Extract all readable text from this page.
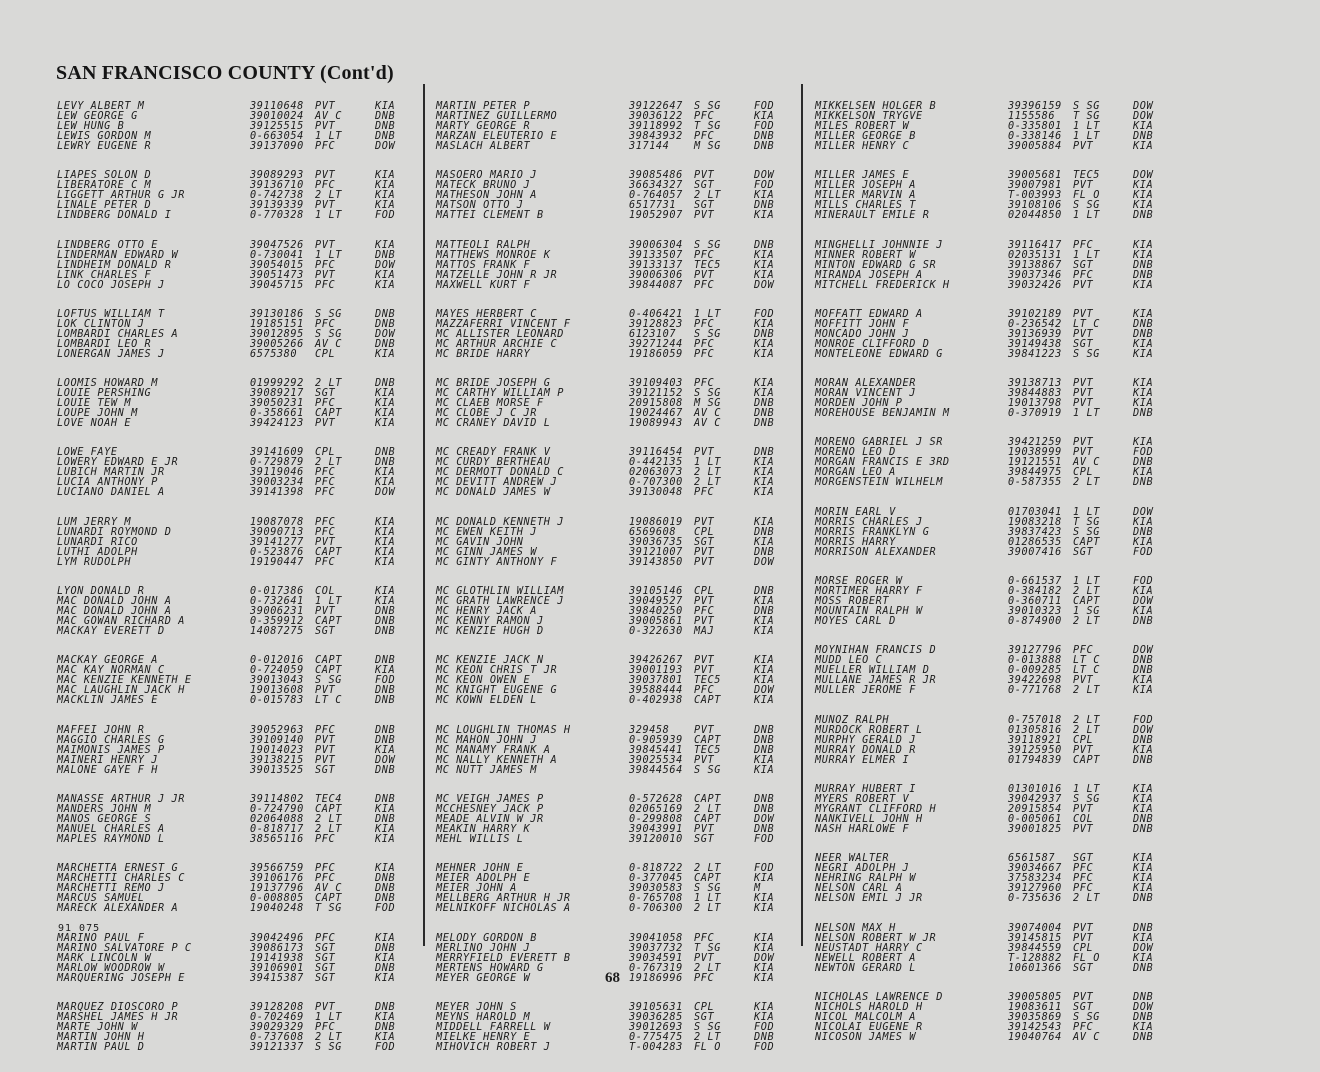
SAN FRANCISCO COUNTY (Cont'd)
LEVY ALBERT M	39110648 PVT	KIA
LEW GEORGE G	39010024 AV C	DNB
LEW HUNG B	39125515 PVT	DNB
LEWIS GORDON M	0-663054 1 LT	DNB
LEWRY EUGENE R	39137090 PFC	DOW
LIAPES SOLON D	39089293 PVT	KIA
LIBERATORE C M	39136710 PFC	KIA
LIGGETT ARTHUR G JR	0-742738 2 LT	KIA
LINALE PETER D	39139339 PVT	KIA
LINDBERG DONALD I	0-770328 1 LT	FOD
LINDBERG OTTO E	39047526 PVT	KIA
LINDERMAN EDWARD W	0-730041 1 LT	DNB
LINDHEIM DONALD R	39054015 PFC	DOW
LINK CHARLES F	39051473 PVT	KIA
LO COCO JOSEPH J	39045715 PFC	KIA
LOFTUS WILLIAM T	39130186 S SG	DNB
LOK CLINTON J	19185151 PFC	DNB
LOMBARDI CHARLES A	39012895 S SG	DOW
LOMBARDI LEO R	39005266 AV C	DNB
LONERGAN JAMES J	6575380 CPL	KIA
LOOMIS HOWARD M	01999292 2 LT	DNB
LOUIE PERSHING	39089217 SGT	KIA
LOUIE TEW M	39050231 PFC	KIA
LOUPE JOHN M	0-358661 CAPT	KIA
LOVE NOAH E	39424123 PVT	KIA
LOWE FAYE	39141609 CPL	DNB
LOWERY EDWARD E JR	0-729879 2 LT	DNB
LUBICH MARTIN JR	39119046 PFC	KIA
LUCIA ANTHONY P	39003234 PFC	KIA
LUCIANO DANIEL A	39141398 PFC	DOW
LUM JERRY M	19087078 PFC	KIA
LUNARDI ROYMOND D	39090713 PFC	KIA
LUNARDI RICO	39141277 PVT	KIA
LUTHI ADOLPH	0-523876 CAPT	KIA
LYM RUDOLPH	19190447 PFC	KIA
LYON DONALD R	0-017386 COL	KIA
MAC DONALD JOHN A	0-732641 1 LT	KIA
MAC DONALD JOHN A	39006231 PVT	DNB
MAC GOWAN RICHARD A	0-359912 CAPT	DNB
MACKAY EVERETT D	14087275 SGT	DNB
MACKAY GEORGE A	0-012016 CAPT	DNB
MAC KAY NORMAN C	0-724059 CAPT	KIA
MAC KENZIE KENNETH E	39013043 S SG	FOD
MAC LAUGHLIN JACK H	19013608 PVT	DNB
MACKLIN JAMES E	0-015783 LT C	DNB
MAFFEI JOHN R	39052963 PFC	DNB
MAGGIO CHARLES G	39109140 PVT	DNB
MAIMONIS JAMES P	19014023 PVT	KIA
MAINERI HENRY J	39138215 PVT	DOW
MALONE GAYE F H	39013525 SGT	DNB
MANASSE ARTHUR J JR	39114802 TEC4	DNB
MANDERS JOHN M	0-724790 CAPT	KIA
MANOS GEORGE S	02064088 2 LT	DNB
MANUEL CHARLES A	0-818717 2 LT	KIA
MAPLES RAYMOND L	38565116 PFC	KIA
MARCHETTA ERNEST G	39566759 PFC	KIA
MARCHETTI CHARLES C	39106176 PFC	DNB
MARCHETTI REMO J	19137796 AV C	DNB
MARCUS SAMUEL	0-008805 CAPT	DNB
MARECK ALEXANDER A	19040248 T SG	FOD
MARINO PAUL F	39042496 PFC	KIA
MARINO SALVATORE P C	39086173 SGT	DNB
MARK LINCOLN W	19141938 SGT	KIA
MARLOW WOODROW W	39106901 SGT	DNB
MARQUERING JOSEPH E	39415387 SGT	KIA
MARQUEZ DIOSCORO P	39128208 PVT	DNB
MARSHEL JAMES H JR	0-702469 1 LT	KIA
MARTE JOHN W	39029329 PFC	DNB
MARTIN JOHN H	0-737608 2 LT	KIA
MARTIN PAUL D	39121337 S SG	FOD
MARTIN PETER P	39122647 S SG	FOD
MARTINEZ GUILLERMO	39036122 PFC	KIA
MARTY GEORGE R	39118992 T SG	FOD
MARZAN ELEUTERIO E	39843932 PFC	DNB
MASLACH ALBERT	317144 M SG	DNB
MASOERO MARIO J	39085486 PVT	DOW
MATECK BRUNO J	36634327 SGT	FOD
MATHESON JOHN A	0-764057 2 LT	KIA
MATSON OTTO J	6517731 SGT	DNB
MATTEI CLEMENT B	19052907 PVT	KIA
MATTEOLI RALPH	39006304 S SG	DNB
MATTHEWS MONROE K	39133507 PFC	KIA
MATTOS FRANK F	39133137 TEC5	KIA
MATZELLE JOHN R JR	39006306 PVT	KIA
MAXWELL KURT F	39844087 PFC	DOW
MAYES HERBERT C	0-406421 1 LT	FOD
MAZZAFERRI VINCENT F	39128823 PFC	KIA
MC ALLISTER LEONARD	6123107 S SG	DNB
MC ARTHUR ARCHIE C	39271244 PFC	KIA
MC BRIDE HARRY	19186059 PFC	KIA
MC BRIDE JOSEPH G	39109403 PFC	KIA
MC CARTHY WILLIAM P	39121152 S SG	KIA
MC CLAEB MORSE F	20915808 M SG	DNB
MC CLOBE J C JR	19024467 AV C	DNB
MC CRANEY DAVID L	19089943 AV C	DNB
MC CREADY FRANK V	39116454 PVT	DNB
MC CURDY BERTHEAU	0-442135 1 LT	KIA
MC DERMOTT DONALD C	02063073 2 LT	KIA
MC DEVITT ANDREW J	0-707300 2 LT	KIA
MC DONALD JAMES W	39130048 PFC	KIA
MC DONALD KENNETH J	19086019 PVT	KIA
MC EWEN KEITH J	6569608 CPL	DNB
MC GAVIN JOHN	39036735 SGT	KIA
MC GINN JAMES W	39121007 PVT	DNB
MC GINTY ANTHONY F	39143850 PVT	DOW
MC GLOTHLIN WILLIAM	39105146 CPL	DNB
MC GRATH LAWRENCE J	39049527 PVT	KIA
MC HENRY JACK A	39840250 PFC	DNB
MC KENNY RAMON J	39005861 PVT	KIA
MC KENZIE HUGH D	0-322630 MAJ	KIA
MC KENZIE JACK N	39426267 PVT	KIA
MC KEON CHRIS T JR	39001193 PVT	KIA
MC KEON OWEN E	39037801 TEC5	KIA
MC KNIGHT EUGENE G	39588444 PFC	DOW
MC KOWN ELDEN L	0-402938 CAPT	KIA
MC LOUGHLIN THOMAS H	329458 PVT	DNB
MC MAHON JOHN J	0-905939 CAPT	DNB
MC MANAMY FRANK A	39845441 TEC5	DNB
MC NALLY KENNETH A	39025534 PVT	KIA
MC NUTT JAMES M	39844564 S SG	KIA
MC VEIGH JAMES P	0-572628 CAPT	DNB
MCCHESNEY JACK P	02065169 2 LT	DNB
MEADE ALVIN W JR	0-299808 CAPT	DOW
MEAKIN HARRY K	39043991 PVT	DNB
MEHL WILLIS L	39120010 SGT	FOD
MEHNER JOHN E	0-818722 2 LT	FOD
MEIER ADOLPH E	0-377045 CAPT	KIA
MEIER JOHN A	39030583 S SG	M
MELLBERG ARTHUR H JR	0-765708 1 LT	KIA
MELNIKOFF NICHOLAS A	0-706300 2 LT	KIA
MELODY GORDON B	39041058 PFC	KIA
MERLINO JOHN J	39037732 T SG	KIA
MERRYFIELD EVERETT B	39034591 PVT	DOW
MERTENS HOWARD G	0-767319 2 LT	KIA
MEYER GEORGE W	19186996 PFC	KIA
MEYER JOHN S	39105631 CPL	KIA
MEYNS HAROLD M	39036285 SGT	KIA
MIDDELL FARRELL W	39012693 S SG	FOD
MIELKE HENRY E	0-775475 2 LT	DNB
MIHOVICH ROBERT J	T-004283 FL O	FOD
MIKKELSEN HOLGER B	39396159 S SG	DOW
MIKKELSON TRYGVE	1155586 T SG	DOW
MILES ROBERT W	0-335801 1 LT	KIA
MILLER GEORGE B	0-338146 1 LT	DNB
MILLER HENRY C	39005884 PVT	KIA
MILLER JAMES E	39005681 TEC5	DOW
MILLER JOSEPH A	39007981 PVT	KIA
MILLER MARVIN A	T-003993 FL O	KIA
MILLS CHARLES T	39108106 S SG	KIA
MINERAULT EMILE R	02044850 1 LT	DNB
MINGHELLI JOHNNIE J	39116417 PFC	KIA
MINNER ROBERT W	02035131 1 LT	KIA
MINTON EDWARD G SR	39138867 SGT	DNB
MIRANDA JOSEPH A	39037346 PFC	DNB
MITCHELL FREDERICK H	39032426 PVT	KIA
MOFFATT EDWARD A	39102189 PVT	KIA
MOFFITT JOHN F	0-236542 LT C	DNB
MONCADO JOHN J	39136939 PVT	DNB
MONROE CLIFFORD D	39149438 SGT	KIA
MONTELEONE EDWARD G	39841223 S SG	KIA
MORAN ALEXANDER	39138713 PVT	KIA
MORAN VINCENT J	39844883 PVT	KIA
MORDEN JOHN P	19013798 PVT	KIA
MOREHOUSE BENJAMIN M	0-370919 1 LT	DNB
MORENO GABRIEL J SR	39421259 PVT	KIA
MORENO LEO D	19038999 PVT	FOD
MORGAN FRANCIS E 3RD	19121551 AV C	DNB
MORGAN LEO A	39844975 CPL	KIA
MORGENSTEIN WILHELM	0-587355 2 LT	DNB
MORIN EARL V	01703041 1 LT	DOW
MORRIS CHARLES J	19083218 T SG	KIA
MORRIS FRANKLYN G	39837423 S SG	DNB
MORRIS HARRY	01286535 CAPT	KIA
MORRISON ALEXANDER	39007416 SGT	FOD
MORSE ROGER W	0-661537 1 LT	FOD
MORTIMER HARRY F	0-384182 2 LT	KIA
MOSS ROBERT	0-360711 CAPT	DOW
MOUNTAIN RALPH W	39010323 1 SG	KIA
MOYES CARL D	0-874900 2 LT	DNB
MOYNIHAN FRANCIS D	39127796 PFC	DOW
MUDD LEO C	0-013888 LT C	DNB
MUELLER WILLIAM D	0-009285 LT C	DNB
MULLANE JAMES R JR	39422698 PVT	KIA
MULLER JEROME F	0-771768 2 LT	KIA
MUNOZ RALPH	0-757018 2 LT	FOD
MURDOCK ROBERT L	01305816 2 LT	DOW
MURPHY GERALD J	39118921 CPL	DNB
MURRAY DONALD R	39125950 PVT	KIA
MURRAY ELMER I	01794839 CAPT	DNB
MURRAY HUBERT I	01301016 1 LT	KIA
MYERS ROBERT V	39042937 S SG	KIA
MYGRANT CLIFFORD H	20915854 PVT	KIA
NANKIVELL JOHN H	0-005061 COL	DNB
NASH HARLOWE F	39001825 PVT	DNB
NEER WALTER	6561587 SGT	KIA
NEGRI ADOLPH J	39034667 PFC	KIA
NEHRING RALPH W	37583234 PFC	KIA
NELSON CARL A	39127960 PFC	KIA
NELSON EMIL J JR	0-735636 2 LT	DNB
NELSON MAX H	39074004 PVT	DNB
NELSON ROBERT W JR	39145815 PVT	KIA
NEUSTADT HARRY C	39844559 CPL	DOW
NEWELL ROBERT A	T-128882 FL O	KIA
NEWTON GERARD L	10601366 SGT	DNB
NICHOLAS LAWRENCE D	39005805 PVT	DNB
NICHOLS HAROLD H	19083611 SGT	DOW
NICOL MALCOLM A	39035869 S SG	DNB
NICOLAI EUGENE R	39142543 PFC	KIA
NICOSON JAMES W	19040764 AV C	DNB
91 075
68
